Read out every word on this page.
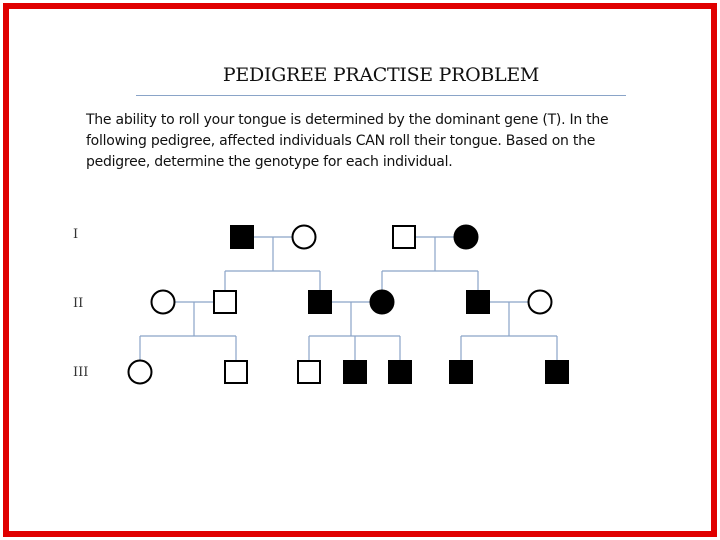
PEDIGREE PRACTISE PROBLEM

The ability to roll your tongue is determined by the dominant gene (T). In the following pedigree, affected individuals CAN roll their tongue. Based on the pedigree, determine the genotype for each individual.

I
II
III
